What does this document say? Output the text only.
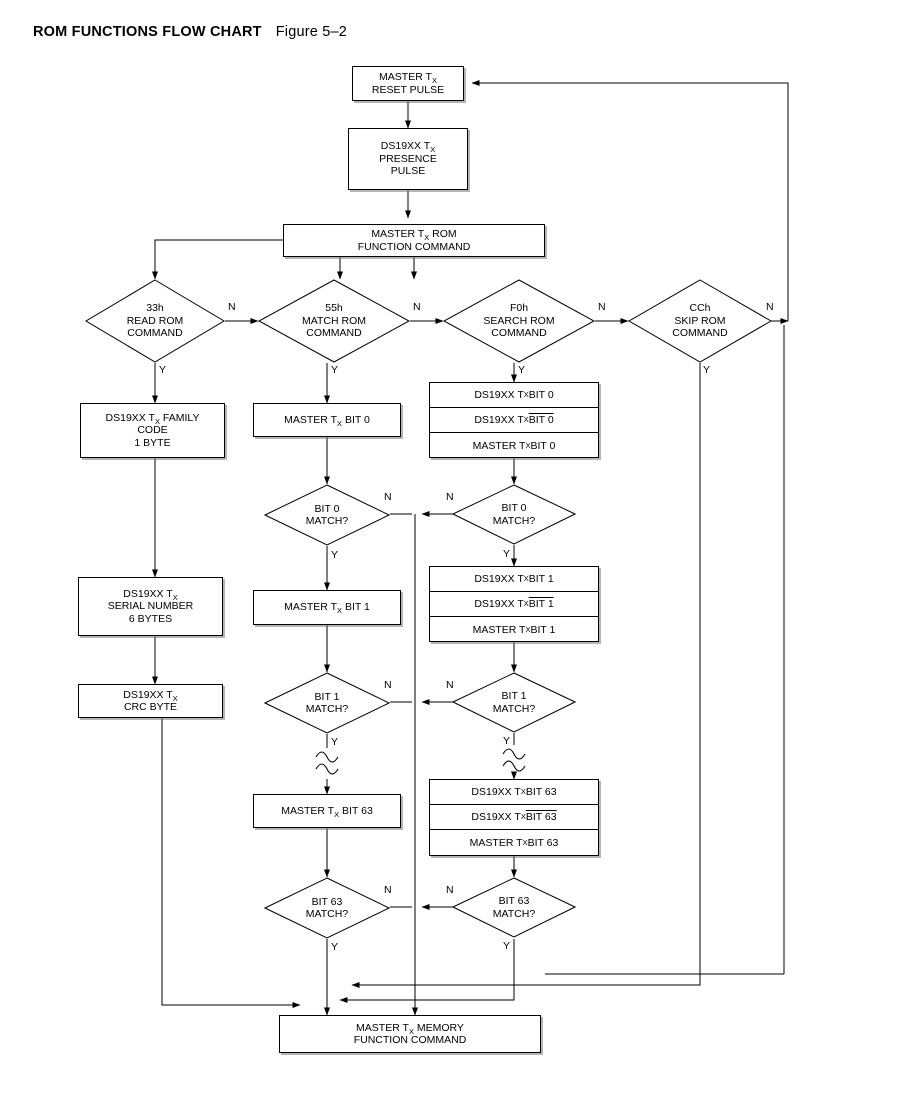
ROM FUNCTIONS FLOW CHART Figure 5–2
MASTER $T_X$
RESET PULSE
DS19XX $T_X$
PRESENCE
PULSE
MASTER $T_X$ ROM
FUNCTION COMMAND
33h
READ ROM
COMMAND
55h
MATCH ROM
COMMAND
F0h
SEARCH ROM
COMMAND
CCh
SKIP ROM
COMMAND
N
Y
N
Y
N
Y
N
Y
DS19XX $T_X$ FAMILY
CODE
1 BYTE
DS19XX $T_X$
SERIAL NUMBER
6 BYTES
DS19XX $T_X$
CRC BYTE
MASTER $T_X$ BIT 0
BIT 0
MATCH?
N
Y
MASTER $T_X$ BIT 1
BIT 1
MATCH?
N
Y
MASTER $T_X$ BIT 63
BIT 63
MATCH?
N
Y
DS19XX T X BIT 0
DS19XX T X BIT 0
MASTER T X BIT 0
BIT 0
MATCH?
N
Y
DS19XX T X BIT 1
DS19XX T X BIT 1
MASTER T X BIT 1
BIT 1
MATCH?
N
Y
DS19XX T X BIT 63
DS19XX T X BIT 63
MASTER T X BIT 63
BIT 63
MATCH?
N
Y
MASTER $T_X$ MEMORY
FUNCTION COMMAND
